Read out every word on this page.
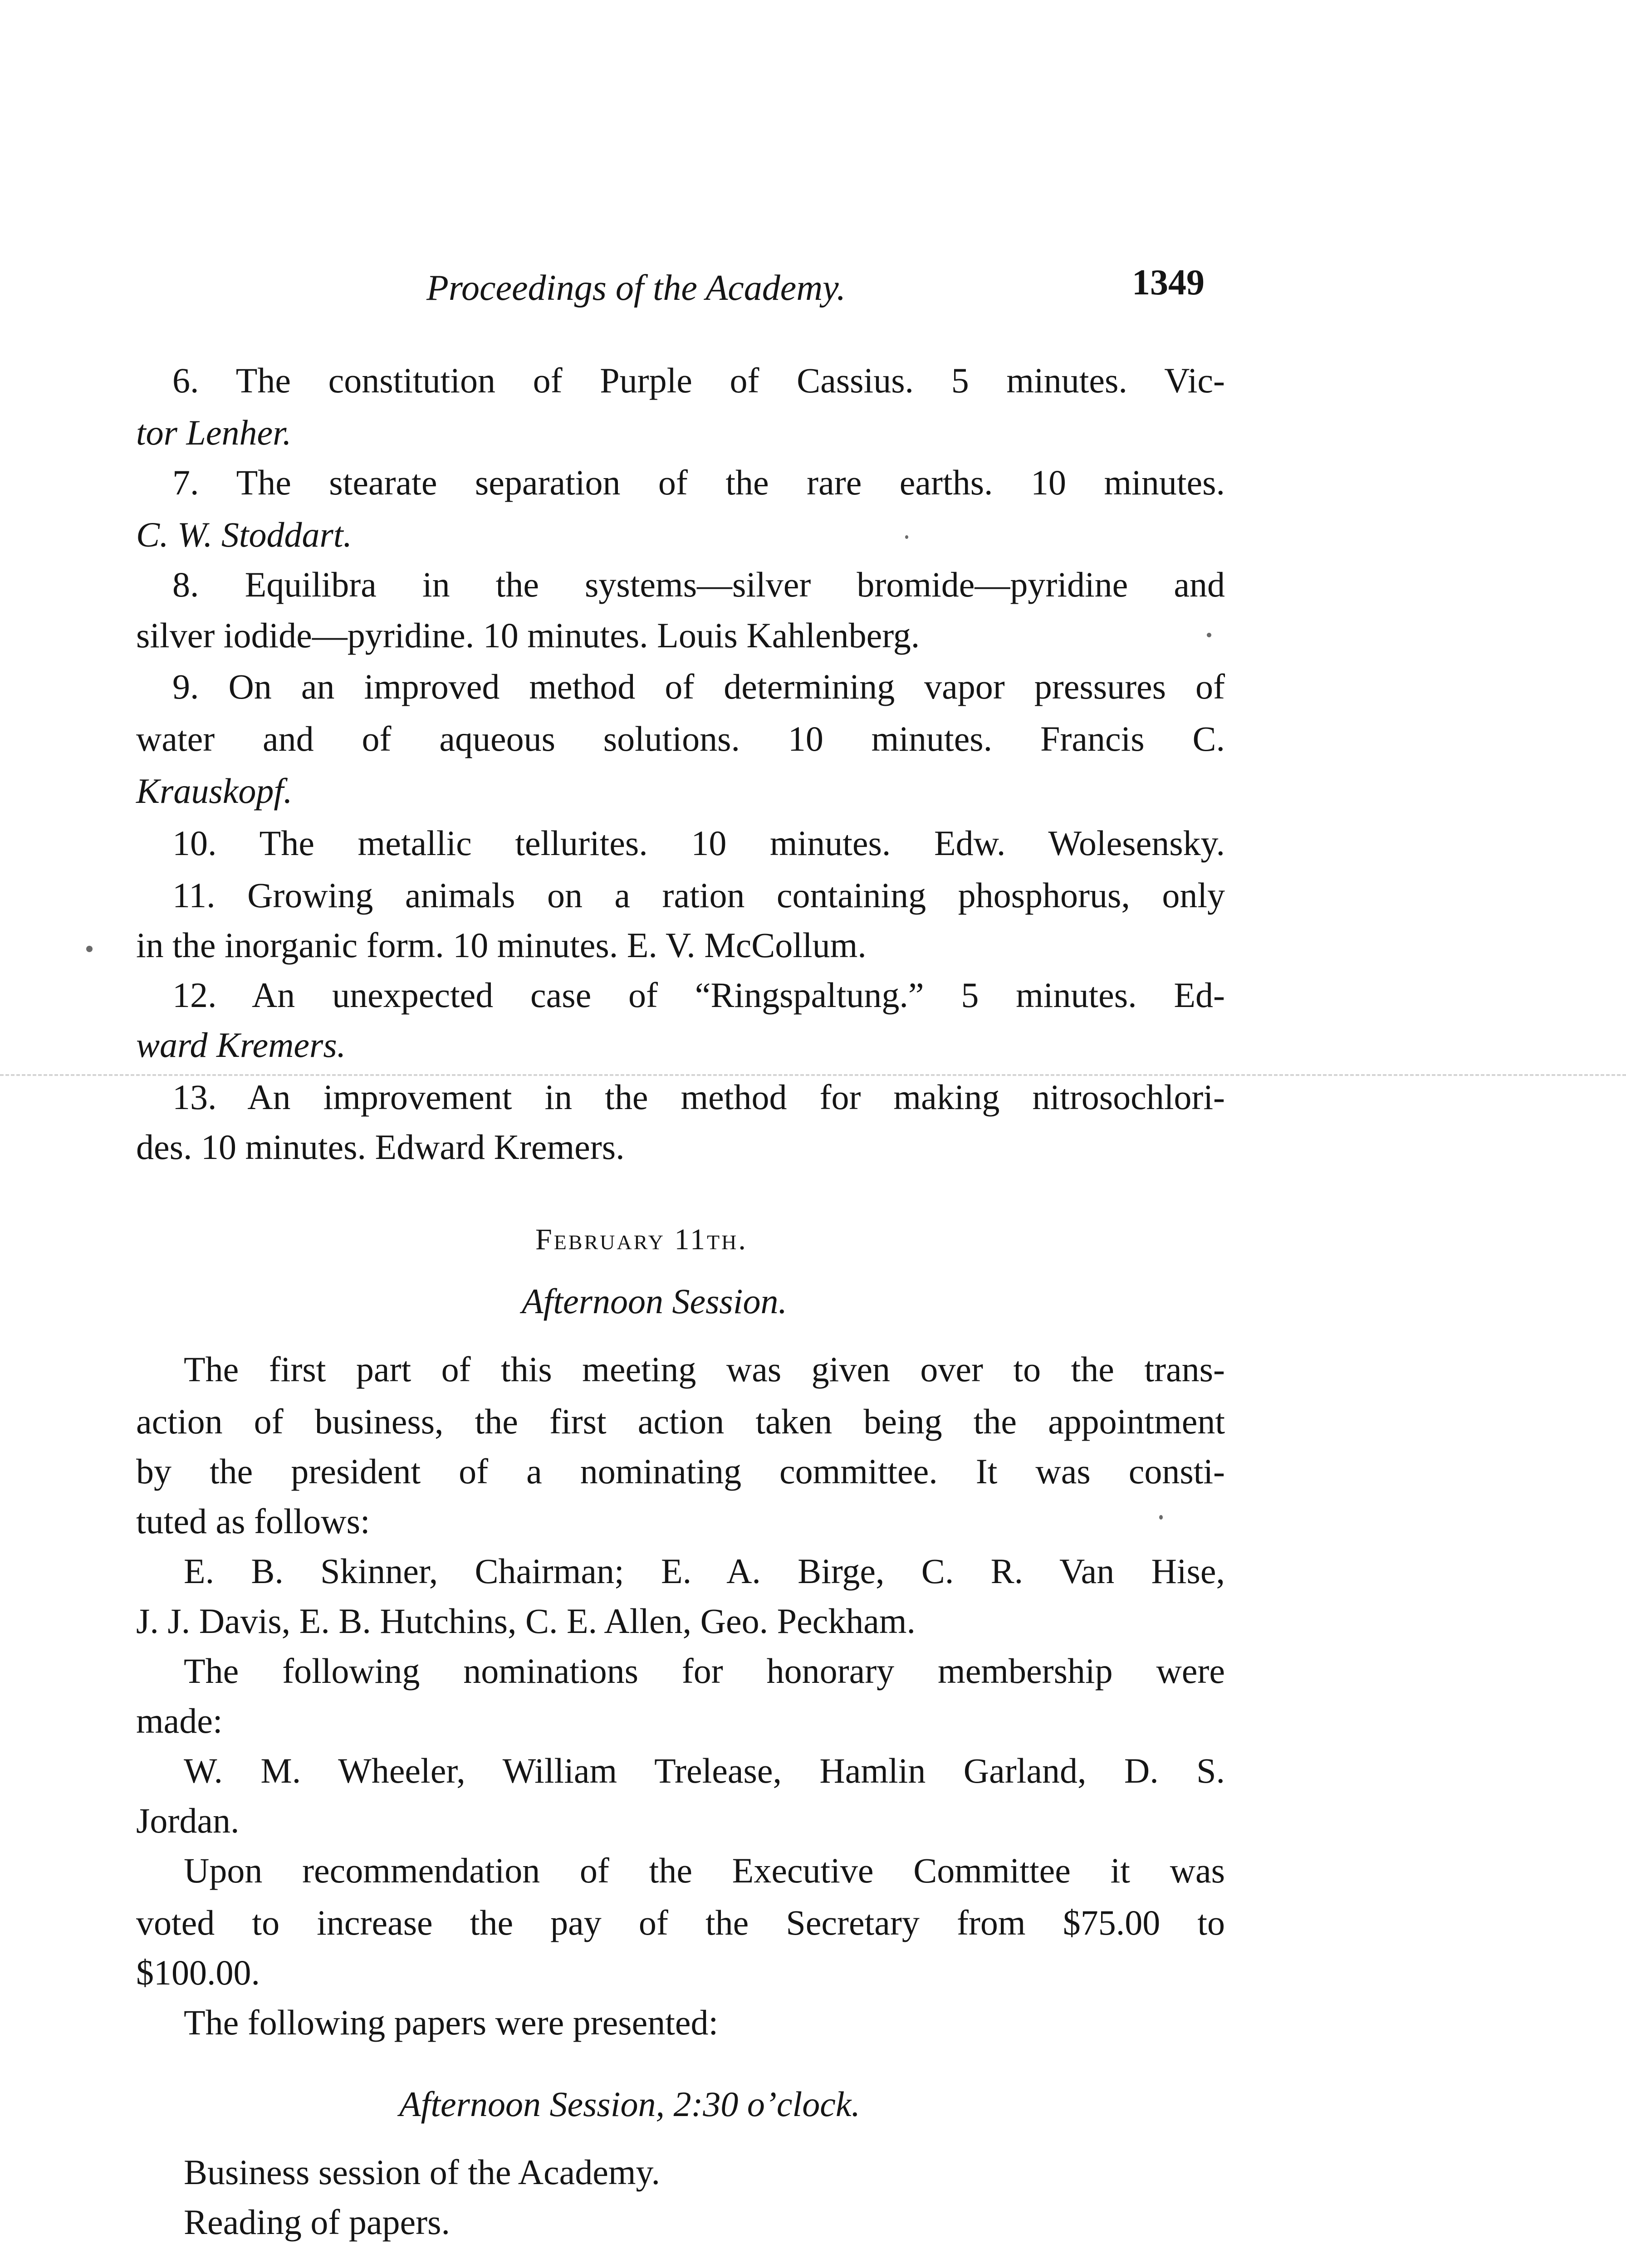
Proceedings of the Academy.	1349
6. The constitution of Purple of Cassius. 5 minutes. Vic-
tor Lenher.
7. The stearate separation of the rare earths. 10 minutes.
C. W. Stoddart.
8. Equilibra in the systems—silver bromide—pyridine and
silver iodide—pyridine. 10 minutes. Louis Kahlenberg.
9. On an improved method of determining vapor pressures of
water and of aqueous solutions. 10 minutes. Francis C.
Krauskopf.
10. The metallic tellurites. 10 minutes. Edw. Wolesensky.
11. Growing animals on a ration containing phosphorus, only
in the inorganic form. 10 minutes. E. V. McCollum.
12. An unexpected case of “Ringspaltung.” 5 minutes. Ed-
ward Kremers.
13. An improvement in the method for making nitrosochlori-
des. 10 minutes. Edward Kremers.
February 11th.
Afternoon Session.
The first part of this meeting was given over to the trans-
action of business, the first action taken being the appointment
by the president of a nominating committee. It was consti-
tuted as follows:
E. B. Skinner, Chairman; E. A. Birge, C. R. Van Hise,
J. J. Davis, E. B. Hutchins, C. E. Allen, Geo. Peckham.
The following nominations for honorary membership were
made:
W. M. Wheeler, William Trelease, Hamlin Garland, D. S.
Jordan.
Upon recommendation of the Executive Committee it was
voted to increase the pay of the Secretary from $75.00 to
$100.00.
The following papers were presented:
Afternoon Session, 2:30 o’clock.
Business session of the Academy.
Reading of papers.
